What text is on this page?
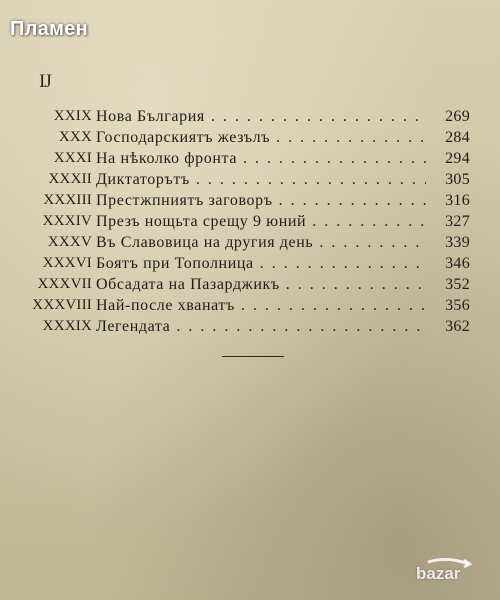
Пламен
IJ
XXIX Нова България . . .	269
XXX Господарскиятъ жезълъ . . .	284
XXXI На нѣколко фронта . . .	294
XXXII Диктаторътъ . . .	305
XXXIII Престжпниятъ заговоръ . . .	316
XXXIV Презъ нощьта срещу 9 юний . . .	327
XXXV Въ Славовица на другия день . . .	339
XXXVI Боятъ при Тополница . . .	346
XXXVII Обсадата на Пазарджикъ . . .	352
XXXVIII Най-после хванатъ . . .	356
XXXIX Легендата . . .	362
bazar
